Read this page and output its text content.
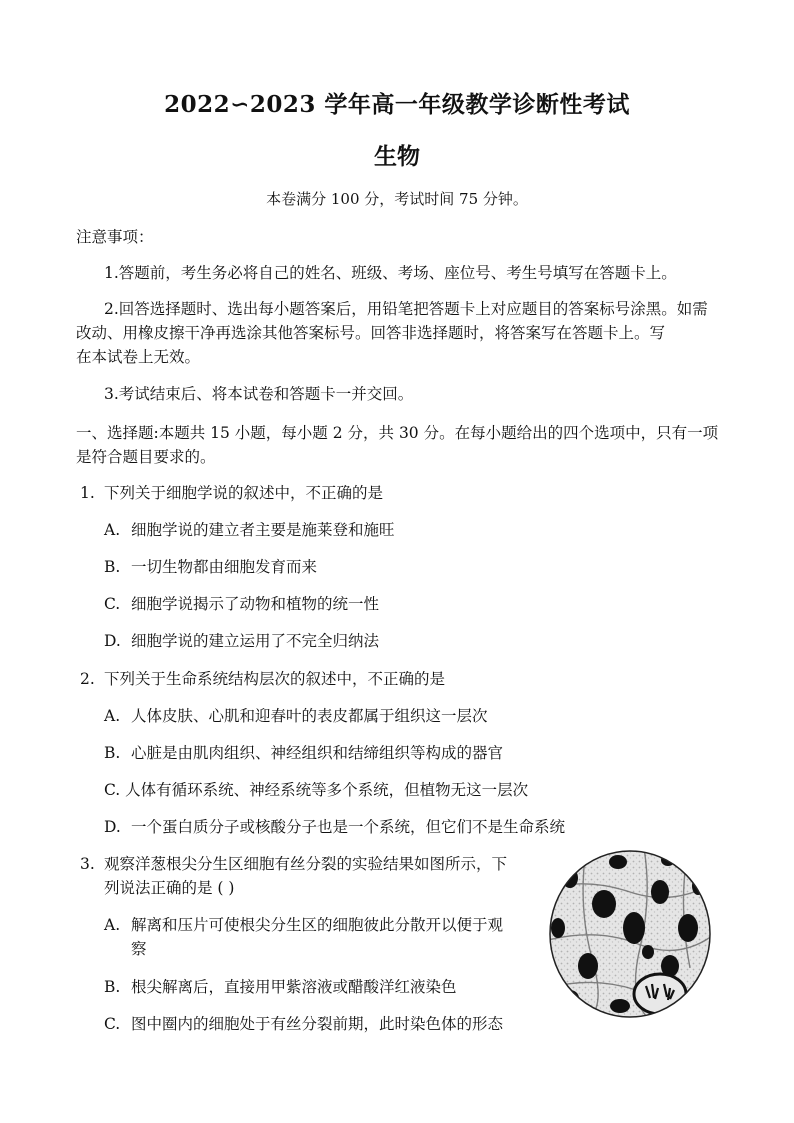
2022∽2023 学年高一年级教学诊断性考试
生物
本卷满分 100 分，考试时间 75 分钟。
注意事项：
1.答题前，考生务必将自己的姓名、班级、考场、座位号、考生号填写在答题卡上。
2.回答选择题时、选出每小题答案后，用铅笔把答题卡上对应题目的答案标号涂黑。如需
改动、用橡皮擦干净再选涂其他答案标号。回答非选择题时，将答案写在答题卡上。写
在本试卷上无效。
3.考试结束后、将本试卷和答题卡一并交回。
一、选择题:本题共 15 小题，每小题 2 分，共 30 分。在每小题给出的四个选项中，只有一项
是符合题目要求的。
1. 下列关于细胞学说的叙述中，不正确的是
A. 细胞学说的建立者主要是施莱登和施旺
B. 一切生物都由细胞发育而来
C. 细胞学说揭示了动物和植物的统一性
D. 细胞学说的建立运用了不完全归纳法
2. 下列关于生命系统结构层次的叙述中，不正确的是
A. 人体皮肤、心肌和迎春叶的表皮都属于组织这一层次
B. 心脏是由肌肉组织、神经组织和结缔组织等构成的器官
C. 人体有循环系统、神经系统等多个系统，但植物无这一层次
D. 一个蛋白质分子或核酸分子也是一个系统，但它们不是生命系统
3. 观察洋葱根尖分生区细胞有丝分裂的实验结果如图所示，下
列说法正确的是 ( )
A. 解离和压片可使根尖分生区的细胞彼此分散开以便于观
察
B. 根尖解离后，直接用甲紫溶液或醋酸洋红液染色
C. 图中圈内的细胞处于有丝分裂前期，此时染色体的形态
